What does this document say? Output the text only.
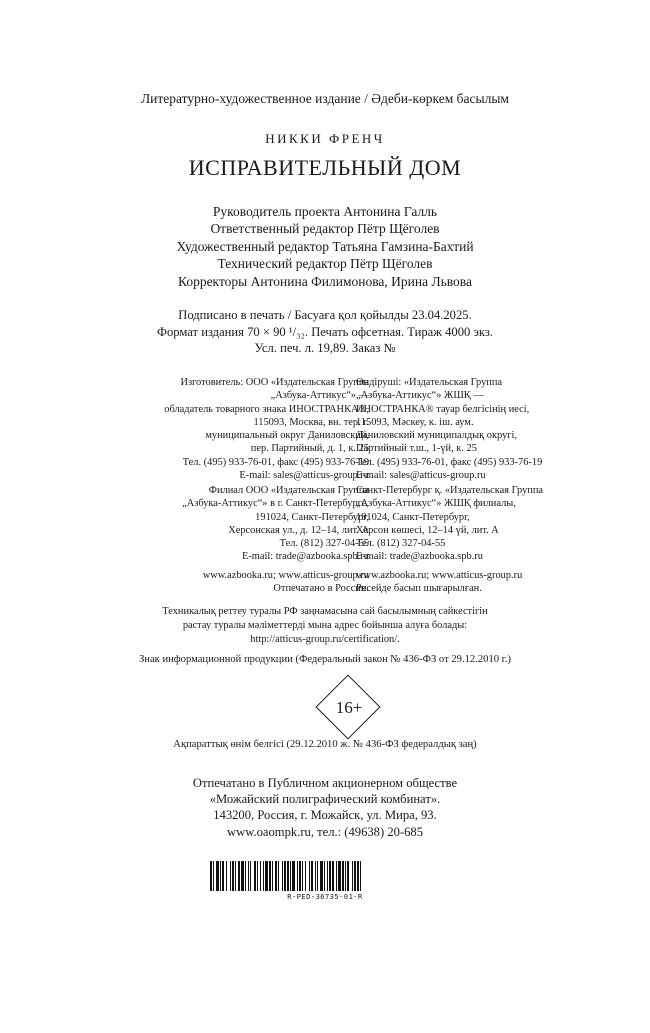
Литературно-художественное издание / Әдеби-көркем басылым
НИККИ ФРЕНЧ
ИСПРАВИТЕЛЬНЫЙ ДОМ
Руководитель проекта Антонина Галль
Ответственный редактор Пётр Щёголев
Художественный редактор Татьяна Гамзина-Бахтий
Технический редактор Пётр Щёголев
Корректоры Антонина Филимонова, Ирина Львова
Подписано в печать / Басуаға қол қойылды 23.04.2025.
Формат издания 70 × 90 ¹/₃₂. Печать офсетная. Тираж 4000 экз.
Усл. печ. л. 19,89. Заказ №
Изготовитель: ООО «Издательская Группа
„Азбука-Аттикус“» —
обладатель товарного знака ИНОСТРАНКА®,
115093, Москва, вн. тер. г.
муниципальный округ Даниловский,
пер. Партийный, д. 1, к. 25
Тел. (495) 933-76-01, факс (495) 933-76-19
E-mail: sales@atticus-group.ru
Өндіруші: «Издательская Группа
„Азбука-Аттикус“» ЖШҚ —
ИНОСТРАНКА® тауар белгісінің иесі,
115093, Мәскеу, к. іш. аум.
Даниловский муниципалдық округі,
Партийный т.ш., 1-үй, к. 25
Тел. (495) 933-76-01, факс (495) 933-76-19
E-mail: sales@atticus-group.ru
Филиал ООО «Издательская Группа
„Азбука-Аттикус“» в г. Санкт-Петербурге,
191024, Санкт-Петербург,
Херсонская ул., д. 12–14, лит. А
Тел. (812) 327-04-55
E-mail: trade@azbooka.spb.ru
Санкт-Петербург қ. «Издательская Группа
„Азбука-Аттикус“» ЖШҚ филиалы,
191024, Санкт-Петербург,
Херсон көшесі, 12–14 үй, лит. А
Тел. (812) 327-04-55
E-mail: trade@azbooka.spb.ru
www.azbooka.ru; www.atticus-group.ru
Отпечатано в России.
www.azbooka.ru; www.atticus-group.ru
Ресейде басып шығарылған.
Техникалық реттеу туралы РФ заңнамасына сай басылымның сәйкестігін
растау туралы мәліметтерді мына адрес бойынша алуға болады:
http://atticus-group.ru/certification/.
Знак информационной продукции (Федеральный закон № 436-ФЗ от 29.12.2010 г.)
16+
Ақпараттық өнім белгісі (29.12.2010 ж. № 436-ФЗ федералдық заң)
Отпечатано в Публичном акционерном обществе
«Можайский полиграфический комбинат».
143200, Россия, г. Можайск, ул. Мира, 93.
www.oaompk.ru, тел.: (49638) 20-685
R-PED-36735-01-R
